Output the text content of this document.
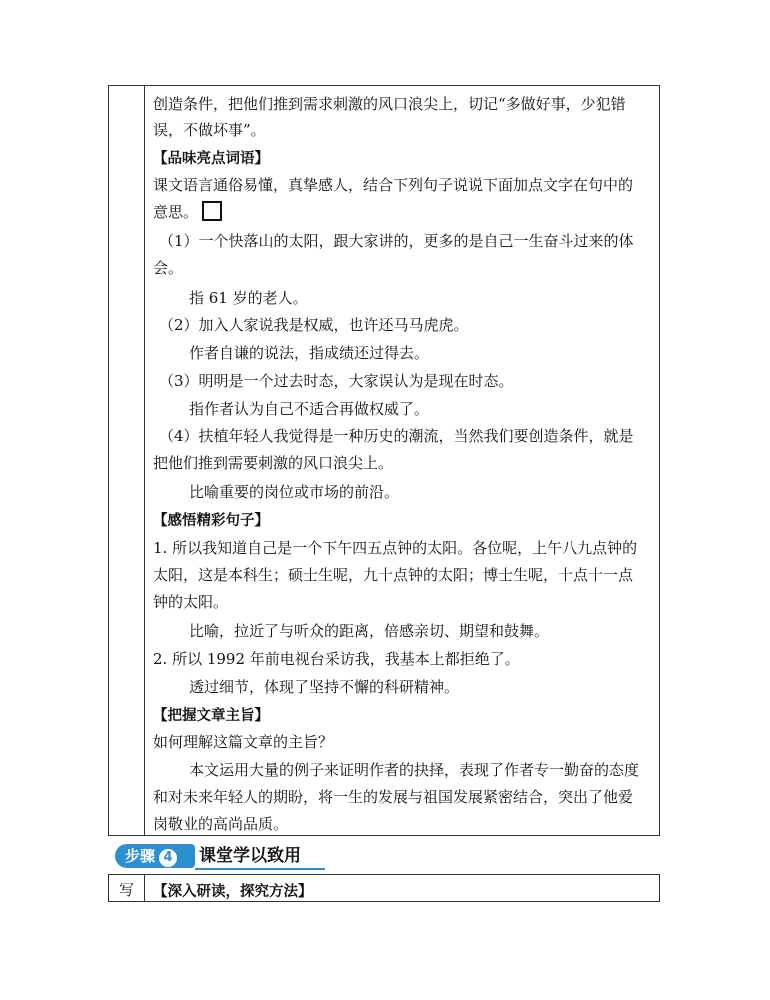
创造条件，把他们推到需求刺激的风口浪尖上，切记“多做好事，少犯错
误，不做坏事”。
【品味亮点词语】
课文语言通俗易懂，真挚感人，结合下列句子说说下面加点文字在句中的
意思。
（1）一个快落山的太阳，跟大家讲的，更多的是自己一生奋斗过来的体
会。
指 61 岁的老人。
（2）加入人家说我是权威，也许还马马虎虎。
作者自谦的说法，指成绩还过得去。
（3）明明是一个过去时态，大家误认为是现在时态。
指作者认为自己不适合再做权威了。
（4）扶植年轻人我觉得是一种历史的潮流，当然我们要创造条件，就是
把他们推到需要刺激的风口浪尖上。
比喻重要的岗位或市场的前沿。
【感悟精彩句子】
1. 所以我知道自己是一个下午四五点钟的太阳。各位呢，上午八九点钟的
太阳，这是本科生；硕士生呢，九十点钟的太阳；博士生呢，十点十一点
钟的太阳。
比喻，拉近了与听众的距离，倍感亲切、期望和鼓舞。
2. 所以 1992 年前电视台采访我，我基本上都拒绝了。
透过细节，体现了坚持不懈的科研精神。
【把握文章主旨】
如何理解这篇文章的主旨？
本文运用大量的例子来证明作者的抉择，表现了作者专一勤奋的态度
和对未来年轻人的期盼，将一生的发展与祖国发展紧密结合，突出了他爱
岗敬业的高尚品质。
步骤 4	课堂学以致用
写	【深入研读，探究方法】
